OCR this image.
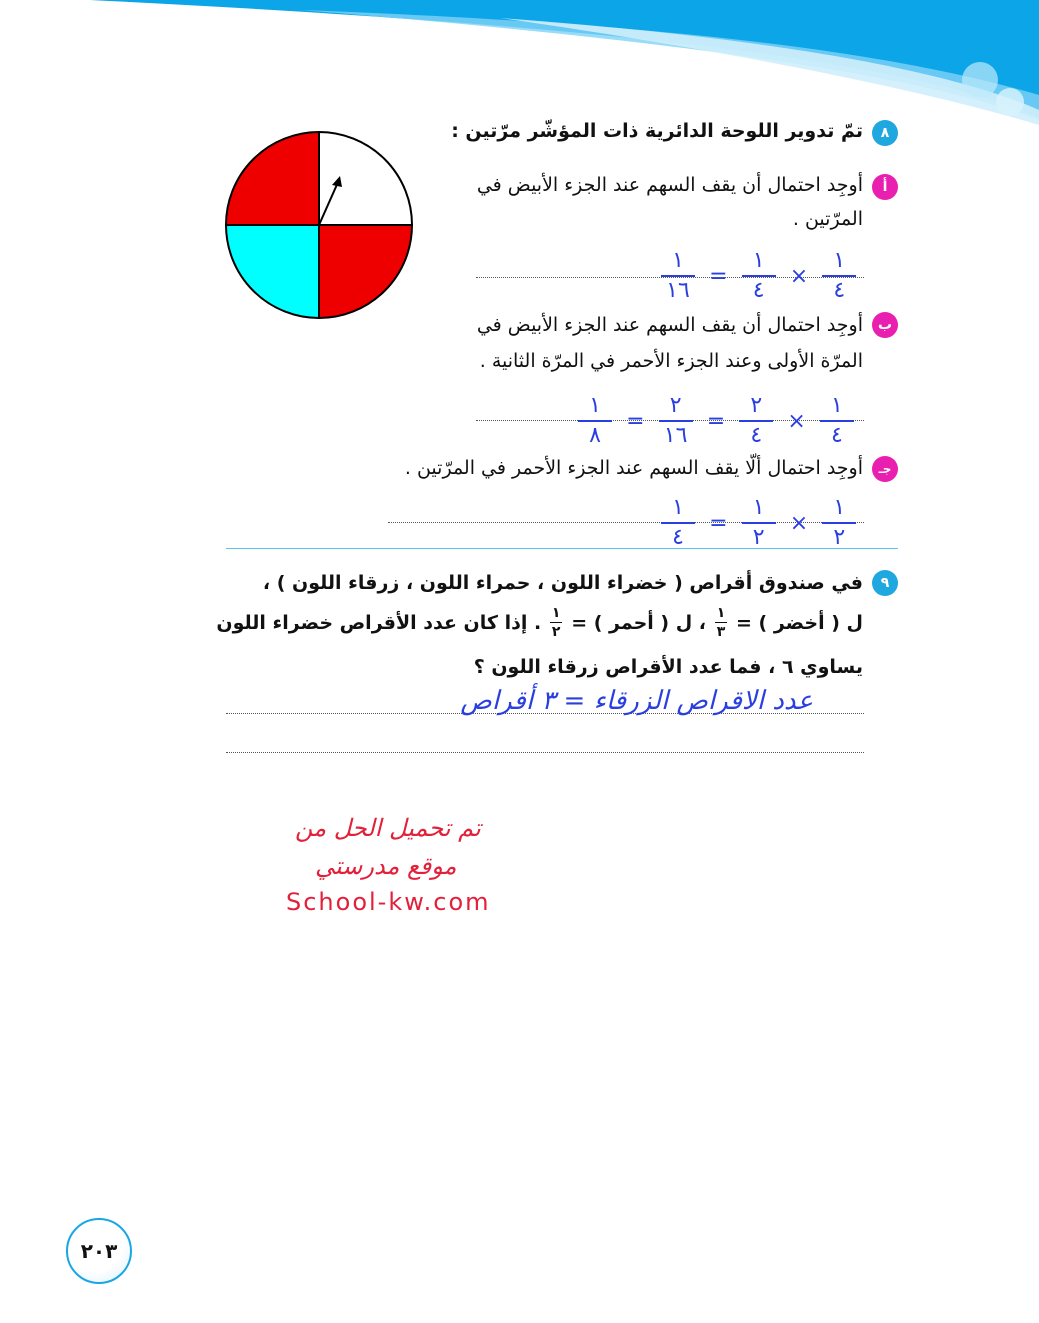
٨
تمّ تدوير اللوحة الدائرية ذات المؤشّر مرّتين :
أ
أوجِد احتمال أن يقف السهم عند الجزء الأبيض في
المرّتين .
١
١٦
=
١
٤
×
١
٤
ب
أوجِد احتمال أن يقف السهم عند الجزء الأبيض في
المرّة الأولى وعند الجزء الأحمر في المرّة الثانية .
١
٨
=
٢
١٦
=
٢
٤
×
١
٤
جـ
أوجِد احتمال ألّا يقف السهم عند الجزء الأحمر في المرّتين .
١
٤
=
١
٢
×
١
٢
٩
في صندوق أقراص ( خضراء اللون ، حمراء اللون ، زرقاء اللون ) ،
ل ( أخضر ) =
$\frac{١}{٣}$
، ل ( أحمر ) =
$\frac{١}{٢}$
. إذا كان عدد الأقراص خضراء اللون
يساوي ٦ ، فما عدد الأقراص زرقاء اللون ؟
عدد الاقراص الزرقاء = ٣ أقراص
تم تحميل الحل من
موقع مدرستي
School-kw.com
٢٠٣
